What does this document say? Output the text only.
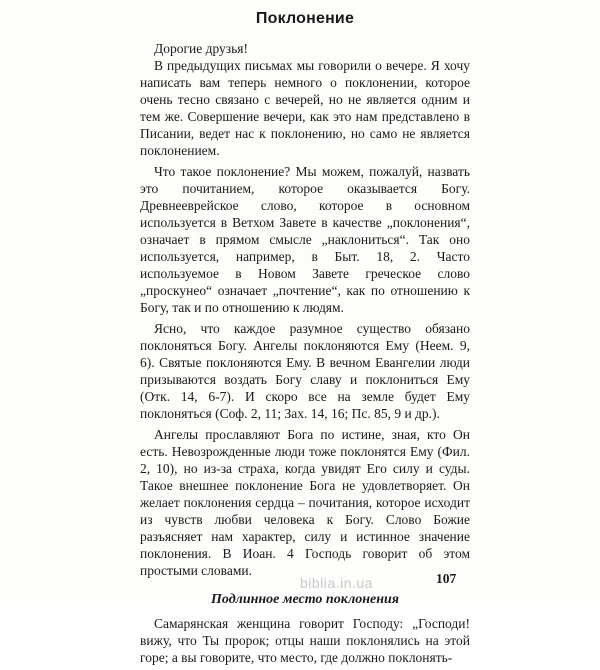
Поклонение

Дорогие друзья!

В предыдущих письмах мы говорили о вечере. Я хочу написать вам теперь немного о поклонении, которое очень тесно связано с вечерей, но не является одним и тем же. Совершение вечери, как это нам представлено в Писании, ведет нас к поклонению, но само не является поклонением.

Что такое поклонение? Мы можем, пожалуй, назвать это почитанием, которое оказывается Богу. Древнееврейское слово, которое в основном используется в Ветхом Завете в качестве „поклонения“, означает в прямом смысле „наклониться“. Так оно используется, например, в Быт. 18, 2. Часто используемое в Новом Завете греческое слово „проскунео“ означает „почтение“, как по отношению к Богу, так и по отношению к людям.

Ясно, что каждое разумное существо обязано поклоняться Богу. Ангелы поклоняются Ему (Неем. 9, 6). Святые поклоняются Ему. В вечном Евангелии люди призываются воздать Богу славу и поклониться Ему (Отк. 14, 6-7). И скоро все на земле будет Ему поклоняться (Соф. 2, 11; Зах. 14, 16; Пс. 85, 9 и др.).

Ангелы прославляют Бога по истине, зная, кто Он есть. Невозрожденные люди тоже поклонятся Ему (Фил. 2, 10), но из-за страха, когда увидят Его силу и суды. Такое внешнее поклонение Бога не удовлетворяет. Он желает поклонения сердца – почитания, которое исходит из чувств любви человека к Богу. Слово Божие разъясняет нам характер, силу и истинное значение поклонения. В Иоан. 4 Господь говорит об этом простыми словами.

Подлинное место поклонения

Самарянская женщина говорит Господу: „Господи! вижу, что Ты пророк; отцы наши поклонялись на этой горе; а вы говорите, что место, где должно поклонять-

biblia.in.ua	107
